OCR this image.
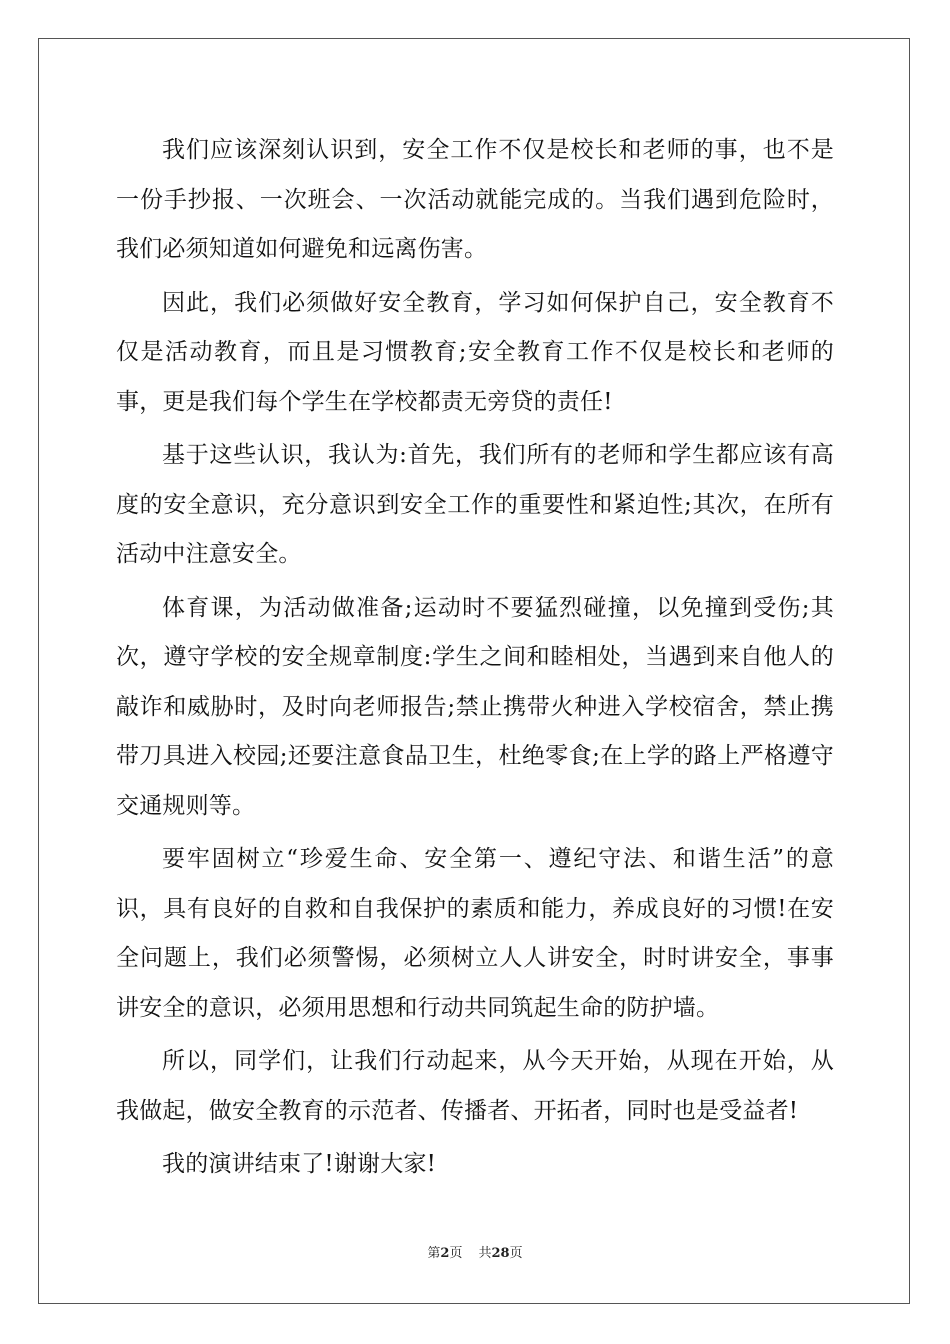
我们应该深刻认识到，安全工作不仅是校长和老师的事，也不是一份手抄报、一次班会、一次活动就能完成的。当我们遇到危险时，我们必须知道如何避免和远离伤害。

因此，我们必须做好安全教育，学习如何保护自己，安全教育不仅是活动教育，而且是习惯教育;安全教育工作不仅是校长和老师的事，更是我们每个学生在学校都责无旁贷的责任!

基于这些认识，我认为:首先，我们所有的老师和学生都应该有高度的安全意识，充分意识到安全工作的重要性和紧迫性;其次，在所有活动中注意安全。

体育课，为活动做准备;运动时不要猛烈碰撞，以免撞到受伤;其次，遵守学校的安全规章制度:学生之间和睦相处，当遇到来自他人的敲诈和威胁时，及时向老师报告;禁止携带火种进入学校宿舍，禁止携带刀具进入校园;还要注意食品卫生，杜绝零食;在上学的路上严格遵守交通规则等。

要牢固树立“珍爱生命、安全第一、遵纪守法、和谐生活”的意识，具有良好的自救和自我保护的素质和能力，养成良好的习惯!在安全问题上，我们必须警惕，必须树立人人讲安全，时时讲安全，事事讲安全的意识，必须用思想和行动共同筑起生命的防护墙。

所以，同学们，让我们行动起来，从今天开始，从现在开始，从我做起，做安全教育的示范者、传播者、开拓者，同时也是受益者!

我的演讲结束了!谢谢大家!

第2页 共28页
